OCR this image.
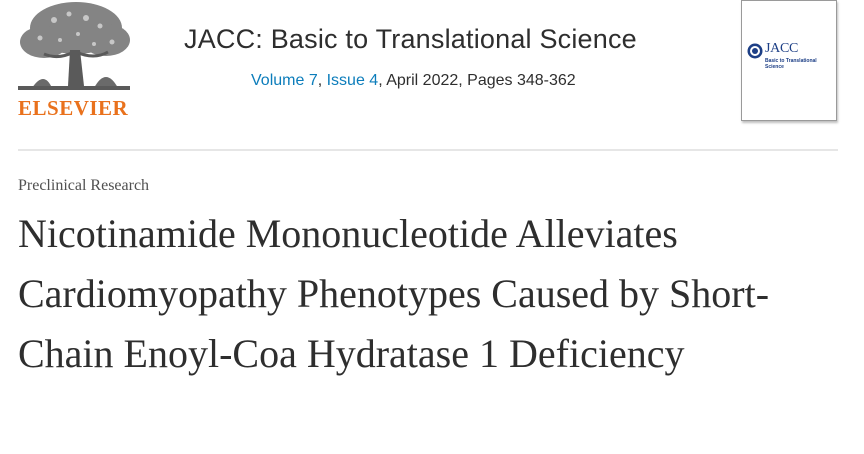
ELSEVIER
JACC: Basic to Translational Science
Volume 7, Issue 4, April 2022, Pages 348-362
JACC
Basic to Translational Science
Preclinical Research
Nicotinamide Mononucleotide Alleviates Cardiomyopathy Phenotypes Caused by Short-Chain Enoyl-Coa Hydratase 1 Deficiency
